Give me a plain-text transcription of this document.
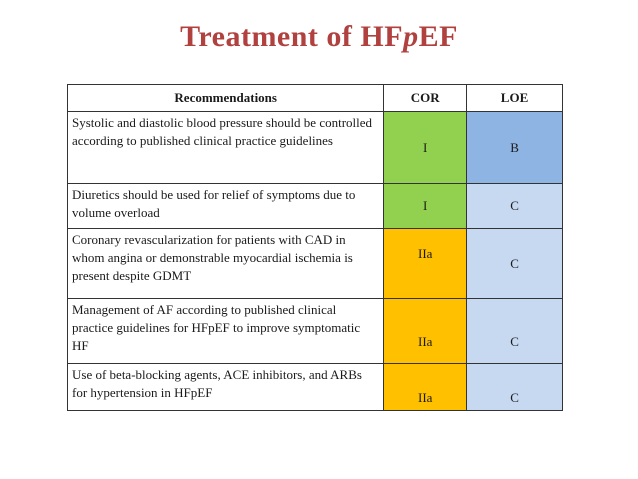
Treatment of HFpEF
Recommendations	COR	LOE
Systolic and diastolic blood pressure should be controlled according to published clinical practice guidelines	I	B
Diuretics should be used for relief of symptoms due to volume overload	I	C
Coronary revascularization for patients with CAD in whom angina or demonstrable myocardial ischemia is present despite GDMT	IIa	C
Management of AF according to published clinical practice guidelines for HFpEF to improve symptomatic HF	IIa	C
Use of beta-blocking agents, ACE inhibitors, and ARBs for hypertension in HFpEF	IIa	C
